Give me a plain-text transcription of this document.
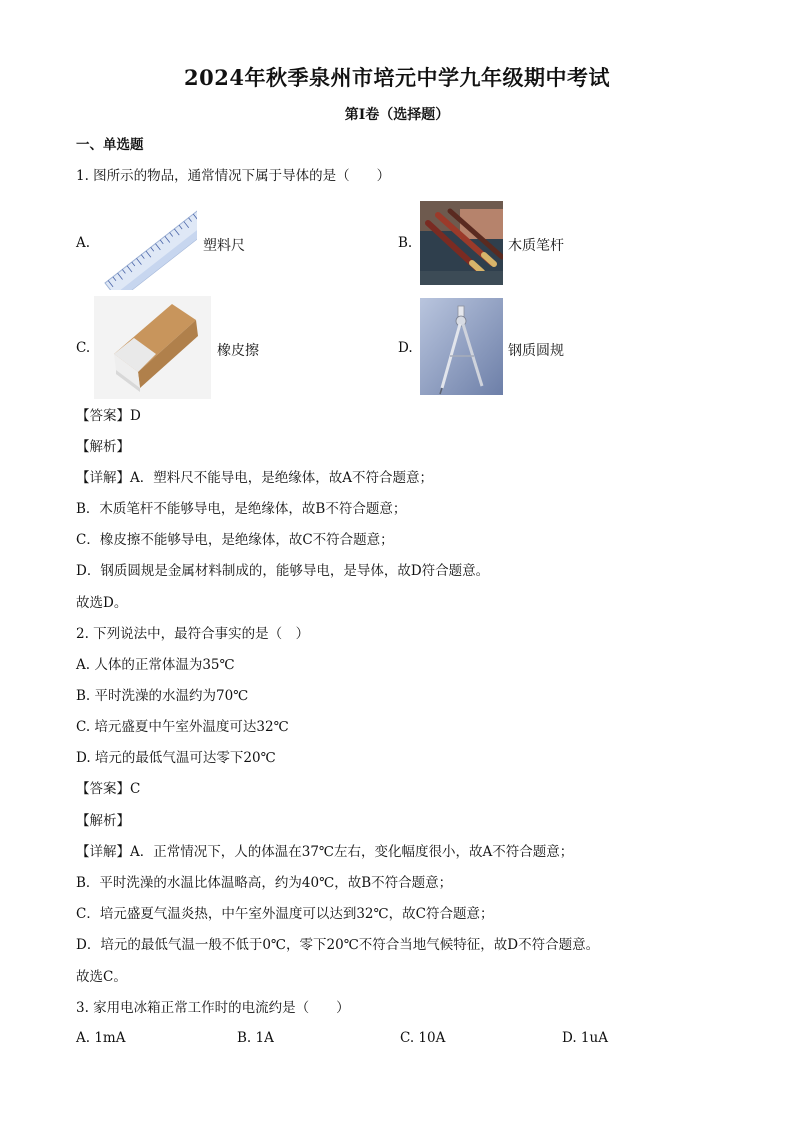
2024年秋季泉州市培元中学九年级期中考试
第Ⅰ卷（选择题）
一、单选题
1. 图所示的物品，通常情况下属于导体的是（　　）
A.	塑料尺	B.	木质笔杆
C.	橡皮擦	D.	钢质圆规
【答案】D
【解析】
【详解】A．塑料尺不能导电，是绝缘体，故A不符合题意；
B．木质笔杆不能够导电，是绝缘体，故B不符合题意；
C．橡皮擦不能够导电，是绝缘体，故C不符合题意；
D．钢质圆规是金属材料制成的，能够导电，是导体，故D符合题意。
故选D。
2. 下列说法中，最符合事实的是（　）
A. 人体的正常体温为35℃
B. 平时洗澡的水温约为70℃
C. 培元盛夏中午室外温度可达32℃
D. 培元的最低气温可达零下20℃
【答案】C
【解析】
【详解】A．正常情况下，人的体温在37℃左右，变化幅度很小，故A不符合题意；
B．平时洗澡的水温比体温略高，约为40℃，故B不符合题意；
C．培元盛夏气温炎热，中午室外温度可以达到32℃，故C符合题意；
D．培元的最低气温一般不低于0℃，零下20℃不符合当地气候特征，故D不符合题意。
故选C。
3. 家用电冰箱正常工作时的电流约是（　　）
A. 1mA	B. 1A	C. 10A	D. 1uA
